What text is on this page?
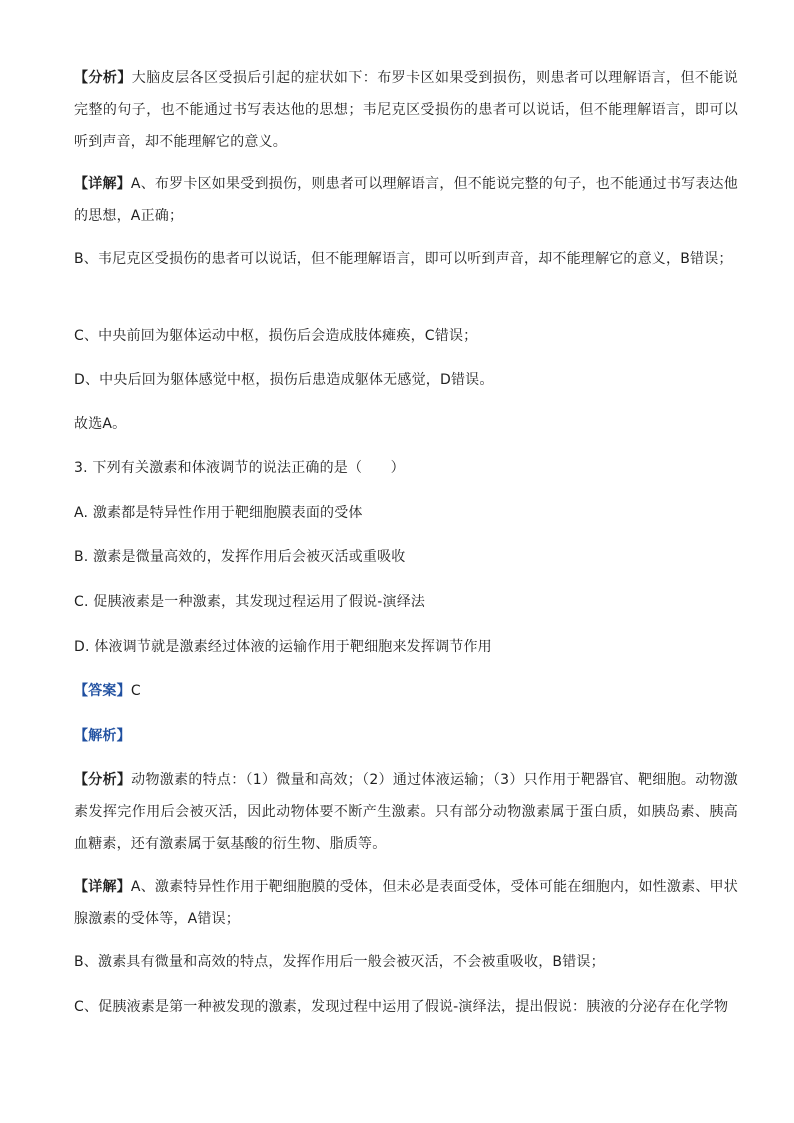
【分析】大脑皮层各区受损后引起的症状如下：布罗卡区如果受到损伤，则患者可以理解语言，但不能说完整的句子，也不能通过书写表达他的思想；韦尼克区受损伤的患者可以说话，但不能理解语言，即可以听到声音，却不能理解它的意义。

【详解】A、布罗卡区如果受到损伤，则患者可以理解语言，但不能说完整的句子，也不能通过书写表达他的思想，A正确；

B、韦尼克区受损伤的患者可以说话，但不能理解语言，即可以听到声音，却不能理解它的意义，B错误；

C、中央前回为躯体运动中枢，损伤后会造成肢体瘫痪，C错误；

D、中央后回为躯体感觉中枢，损伤后患造成躯体无感觉，D错误。

故选A。

3. 下列有关激素和体液调节的说法正确的是（　　）

A. 激素都是特异性作用于靶细胞膜表面的受体

B. 激素是微量高效的，发挥作用后会被灭活或重吸收

C. 促胰液素是一种激素，其发现过程运用了假说-演绎法

D. 体液调节就是激素经过体液的运输作用于靶细胞来发挥调节作用

【答案】C

【解析】

【分析】动物激素的特点：（1）微量和高效；（2）通过体液运输；（3）只作用于靶器官、靶细胞。动物激素发挥完作用后会被灭活，因此动物体要不断产生激素。只有部分动物激素属于蛋白质，如胰岛素、胰高血糖素，还有激素属于氨基酸的衍生物、脂质等。

【详解】A、激素特异性作用于靶细胞膜的受体，但未必是表面受体，受体可能在细胞内，如性激素、甲状腺激素的受体等，A错误；

B、激素具有微量和高效的特点，发挥作用后一般会被灭活，不会被重吸收，B错误；

C、促胰液素是第一种被发现的激素，发现过程中运用了假说-演绎法，提出假说：胰液的分泌存在化学物
